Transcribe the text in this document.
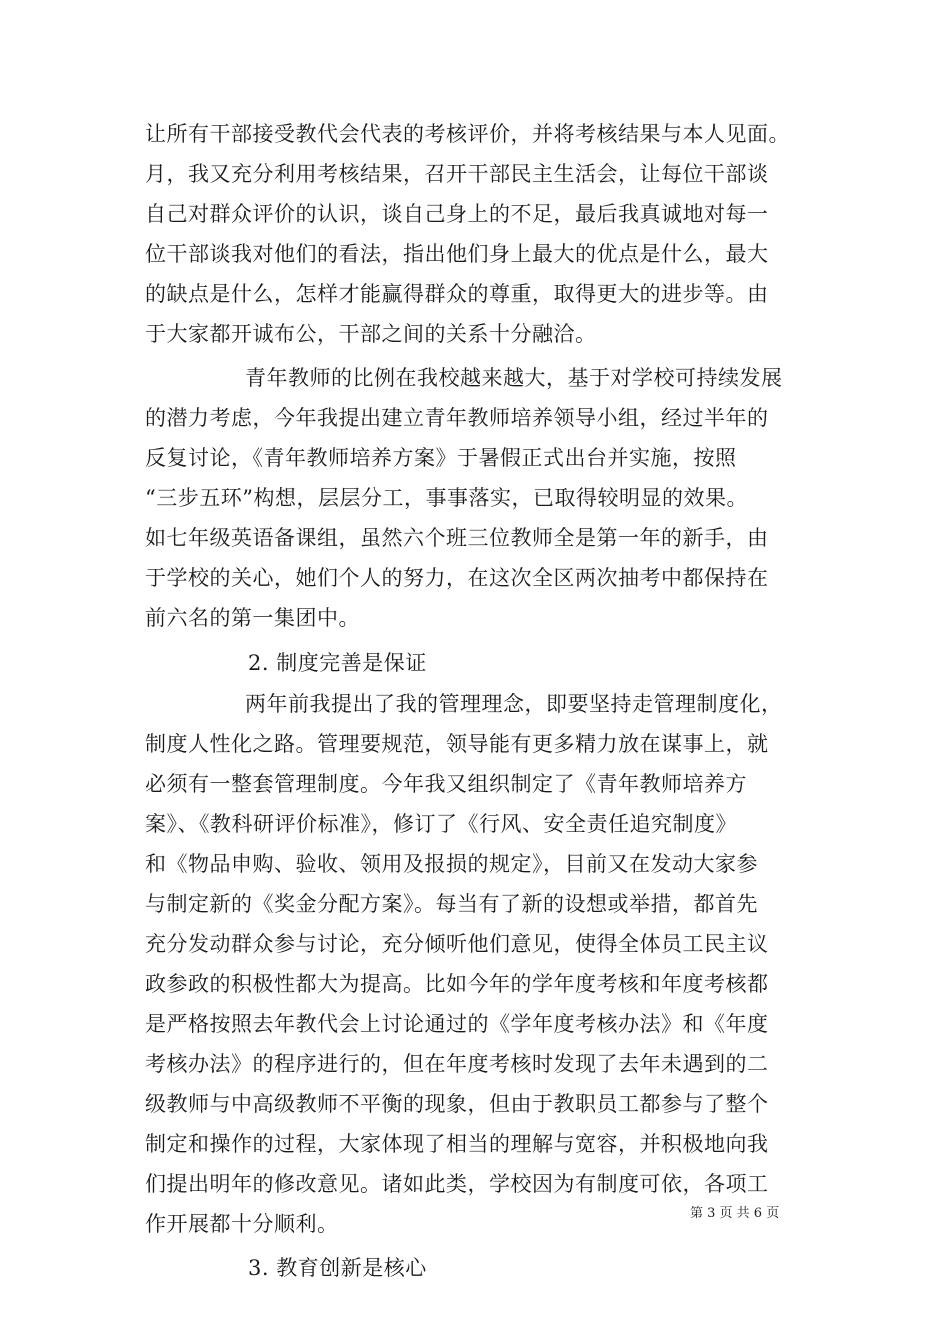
让所有干部接受教代会代表的考核评价，并将考核结果与本人见面。
月，我又充分利用考核结果，召开干部民主生活会，让每位干部谈
自己对群众评价的认识，谈自己身上的不足，最后我真诚地对每一
位干部谈我对他们的看法，指出他们身上最大的优点是什么，最大
的缺点是什么，怎样才能赢得群众的尊重，取得更大的进步等。由
于大家都开诚布公，干部之间的关系十分融洽。
青年教师的比例在我校越来越大，基于对学校可持续发展
的潜力考虑，今年我提出建立青年教师培养领导小组，经过半年的
反复讨论，《青年教师培养方案》于暑假正式出台并实施，按照
“三步五环”构想，层层分工，事事落实，已取得较明显的效果。
如七年级英语备课组，虽然六个班三位教师全是第一年的新手，由
于学校的关心，她们个人的努力，在这次全区两次抽考中都保持在
前六名的第一集团中。
2. 制度完善是保证
两年前我提出了我的管理理念，即要坚持走管理制度化，
制度人性化之路。管理要规范，领导能有更多精力放在谋事上，就
必须有一整套管理制度。今年我又组织制定了《青年教师培养方
案》、《教科研评价标准》，修订了《行风、安全责任追究制度》
和《物品申购、验收、领用及报损的规定》，目前又在发动大家参
与制定新的《奖金分配方案》。每当有了新的设想或举措，都首先
充分发动群众参与讨论，充分倾听他们意见，使得全体员工民主议
政参政的积极性都大为提高。比如今年的学年度考核和年度考核都
是严格按照去年教代会上讨论通过的《学年度考核办法》和《年度
考核办法》的程序进行的，但在年度考核时发现了去年未遇到的二
级教师与中高级教师不平衡的现象，但由于教职员工都参与了整个
制定和操作的过程，大家体现了相当的理解与宽容，并积极地向我
们提出明年的修改意见。诸如此类，学校因为有制度可依，各项工
作开展都十分顺利。
3. 教育创新是核心
第 3 页 共 6 页
